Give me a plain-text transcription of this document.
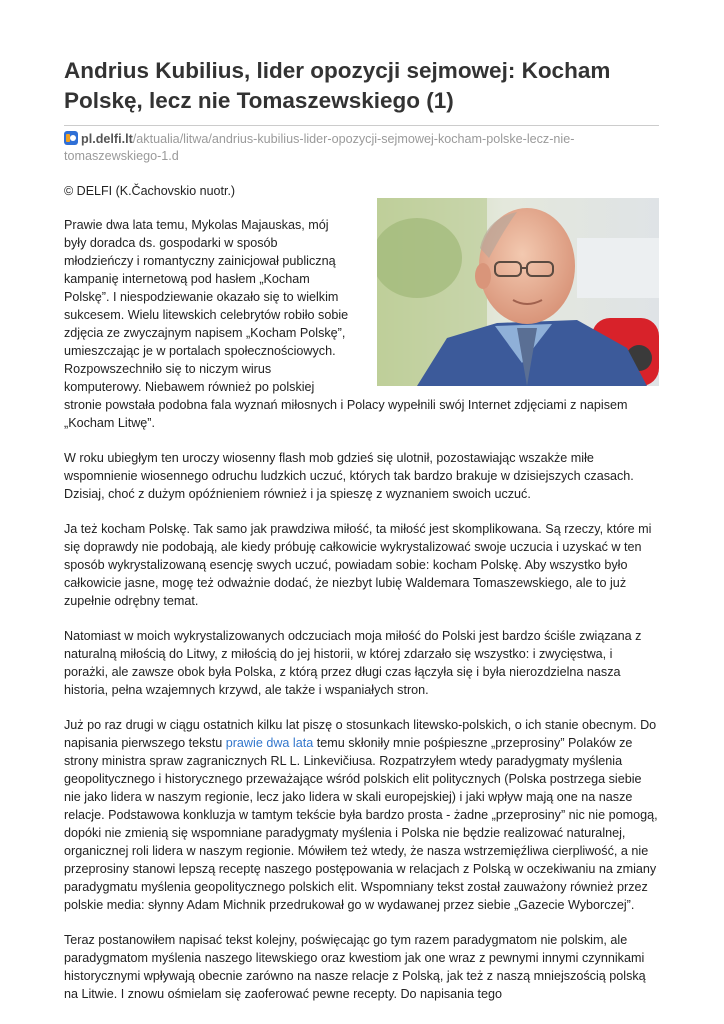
Andrius Kubilius, lider opozycji sejmowej: Kocham Polskę, lecz nie Tomaszewskiego (1)
pl.delfi.lt/aktualia/litwa/andrius-kubilius-lider-opozycji-sejmowej-kocham-polske-lecz-nie-tomaszewskiego-1.d
© DELFI (K.Čachovskio nuotr.)

Prawie dwa lata temu, Mykolas Majauskas, mój były doradca ds. gospodarki w sposób młodzieńczy i romantyczny zainicjował publiczną kampanię internetową pod hasłem „Kocham Polskę”. I niespodziewanie okazało się to wielkim sukcesem. Wielu litewskich celebrytów robiło sobie zdjęcia ze zwyczajnym napisem „Kocham Polskę”, umieszczając je w portalach społecznościowych. Rozpowszechniło się to niczym wirus komputerowy. Niebawem również po polskiej stronie powstała podobna fala wyznań miłosnych i Polacy wypełnili swój Internet zdjęciami z napisem „Kocham Litwę”.

W roku ubiegłym ten uroczy wiosenny flash mob gdzieś się ulotnił, pozostawiając wszakże miłe wspomnienie wiosennego odruchu ludzkich uczuć, których tak bardzo brakuje w dzisiejszych czasach. Dzisiaj, choć z dużym opóźnieniem również i ja spieszę z wyznaniem swoich uczuć.

Ja też kocham Polskę. Tak samo jak prawdziwa miłość, ta miłość jest skomplikowana. Są rzeczy, które mi się doprawdy nie podobają, ale kiedy próbuję całkowicie wykrystalizować swoje uczucia i uzyskać w ten sposób wykrystalizowaną esencję swych uczuć, powiadam sobie: kocham Polskę. Aby wszystko było całkowicie jasne, mogę też odważnie dodać, że niezbyt lubię Waldemara Tomaszewskiego, ale to już zupełnie odrębny temat.

Natomiast w moich wykrystalizowanych odczuciach moja miłość do Polski jest bardzo ściśle związana z naturalną miłością do Litwy, z miłością do jej historii, w której zdarzało się wszystko: i zwycięstwa, i porażki, ale zawsze obok była Polska, z którą przez długi czas łączyła się i była nierozdzielna nasza historia, pełna wzajemnych krzywd, ale także i wspaniałych stron.

Już po raz drugi w ciągu ostatnich kilku lat piszę o stosunkach litewsko-polskich, o ich stanie obecnym. Do napisania pierwszego tekstu prawie dwa lata temu skłoniły mnie pośpieszne „przeprosiny” Polaków ze strony ministra spraw zagranicznych RL L. Linkevičiusa. Rozpatrzyłem wtedy paradygmaty myślenia geopolitycznego i historycznego przeważające wśród polskich elit politycznych (Polska postrzega siebie nie jako lidera w naszym regionie, lecz jako lidera w skali europejskiej) i jaki wpływ mają one na nasze relacje. Podstawowa konkluzja w tamtym tekście była bardzo prosta - żadne „przeprosiny” nic nie pomogą, dopóki nie zmienią się wspomniane paradygmaty myślenia i Polska nie będzie realizować naturalnej, organicznej roli lidera w naszym regionie. Mówiłem też wtedy, że nasza wstrzemięźliwa cierpliwość, a nie przeprosiny stanowi lepszą receptę naszego postępowania w relacjach z Polską w oczekiwaniu na zmiany paradygmatu myślenia geopolitycznego polskich elit. Wspomniany tekst został zauważony również przez polskie media: słynny Adam Michnik przedrukował go w wydawanej przez siebie „Gazecie Wyborczej”.

Teraz postanowiłem napisać tekst kolejny, poświęcając go tym razem paradygmatom nie polskim, ale paradygmatom myślenia naszego litewskiego oraz kwestiom jak one wraz z pewnymi innymi czynnikami historycznymi wpływają obecnie zarówno na nasze relacje z Polską, jak też z naszą mniejszością polską na Litwie. I znowu ośmielam się zaoferować pewne recepty. Do napisania tego
